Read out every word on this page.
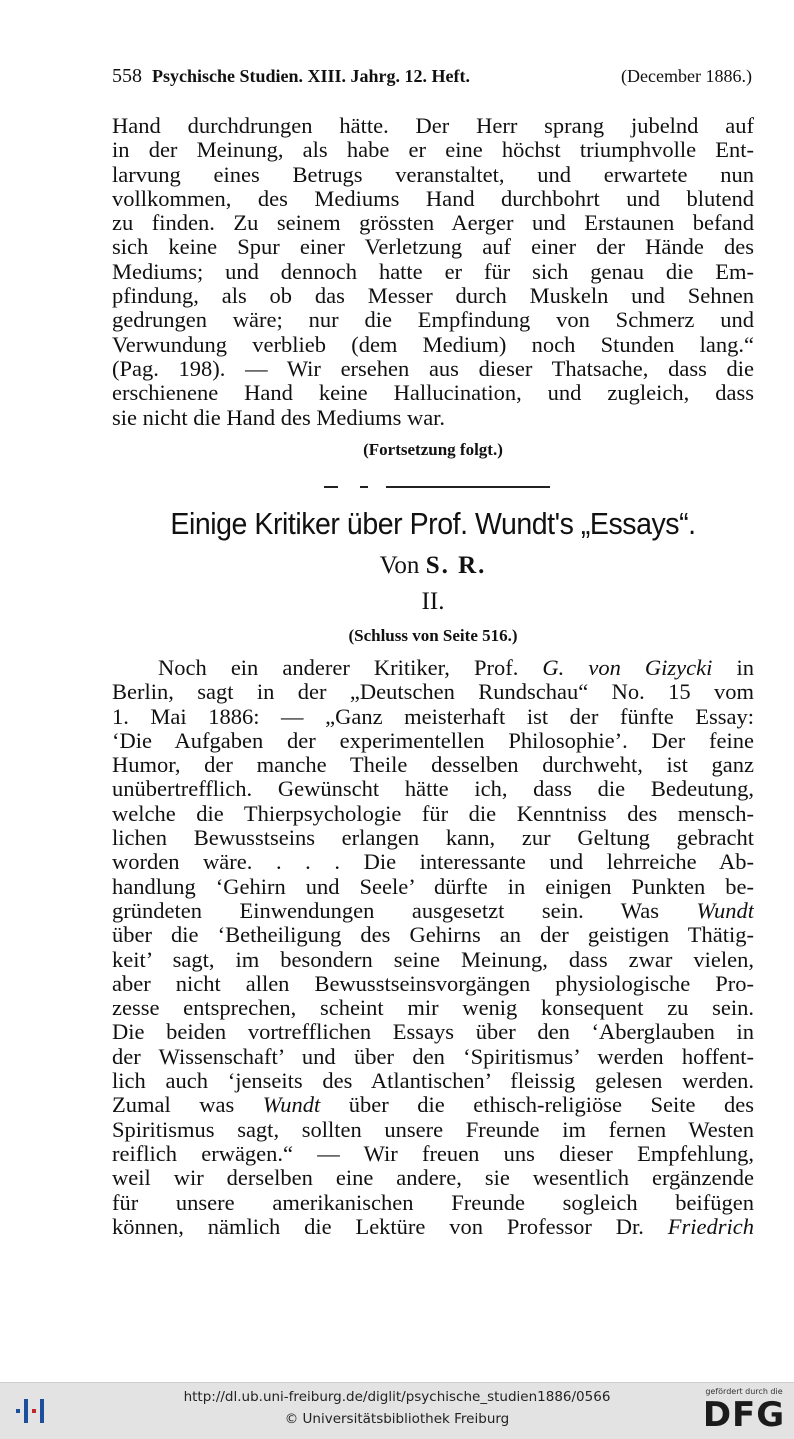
558 Psychische Studien. XIII. Jahrg. 12. Heft.	(December 1886.)
Hand durchdrungen hätte. Der Herr sprang jubelnd auf
in der Meinung, als habe er eine höchst triumphvolle Ent-
larvung eines Betrugs veranstaltet, und erwartete nun
vollkommen, des Mediums Hand durchbohrt und blutend
zu finden. Zu seinem grössten Aerger und Erstaunen befand
sich keine Spur einer Verletzung auf einer der Hände des
Mediums; und dennoch hatte er für sich genau die Em-
pfindung, als ob das Messer durch Muskeln und Sehnen
gedrungen wäre; nur die Empfindung von Schmerz und
Verwundung verblieb (dem Medium) noch Stunden lang.“
(Pag. 198). — Wir ersehen aus dieser Thatsache, dass die
erschienene Hand keine Hallucination, und zugleich, dass
sie nicht die Hand des Mediums war.
(Fortsetzung folgt.)
Einige Kritiker über Prof. Wundt's „Essays“.
Von S. R.
II.
(Schluss von Seite 516.)
Noch ein anderer Kritiker, Prof. G. von Gizycki in
Berlin, sagt in der „Deutschen Rundschau“ No. 15 vom
1. Mai 1886: — „Ganz meisterhaft ist der fünfte Essay:
‘Die Aufgaben der experimentellen Philosophie’. Der feine
Humor, der manche Theile desselben durchweht, ist ganz
unübertrefflich. Gewünscht hätte ich, dass die Bedeutung,
welche die Thierpsychologie für die Kenntniss des mensch-
lichen Bewusstseins erlangen kann, zur Geltung gebracht
worden wäre. . . . Die interessante und lehrreiche Ab-
handlung ‘Gehirn und Seele’ dürfte in einigen Punkten be-
gründeten Einwendungen ausgesetzt sein. Was Wundt
über die ‘Betheiligung des Gehirns an der geistigen Thätig-
keit’ sagt, im besondern seine Meinung, dass zwar vielen,
aber nicht allen Bewusstseinsvorgängen physiologische Pro-
zesse entsprechen, scheint mir wenig konsequent zu sein.
Die beiden vortrefflichen Essays über den ‘Aberglauben in
der Wissenschaft’ und über den ‘Spiritismus’ werden hoffent-
lich auch ‘jenseits des Atlantischen’ fleissig gelesen werden.
Zumal was Wundt über die ethisch-religiöse Seite des
Spiritismus sagt, sollten unsere Freunde im fernen Westen
reiflich erwägen.“ — Wir freuen uns dieser Empfehlung,
weil wir derselben eine andere, sie wesentlich ergänzende
für unsere amerikanischen Freunde sogleich beifügen
können, nämlich die Lektüre von Professor Dr. Friedrich
http://dl.ub.uni-freiburg.de/diglit/psychische_studien1886/0566
© Universitätsbibliothek Freiburg
gefördert durch die
DFG
